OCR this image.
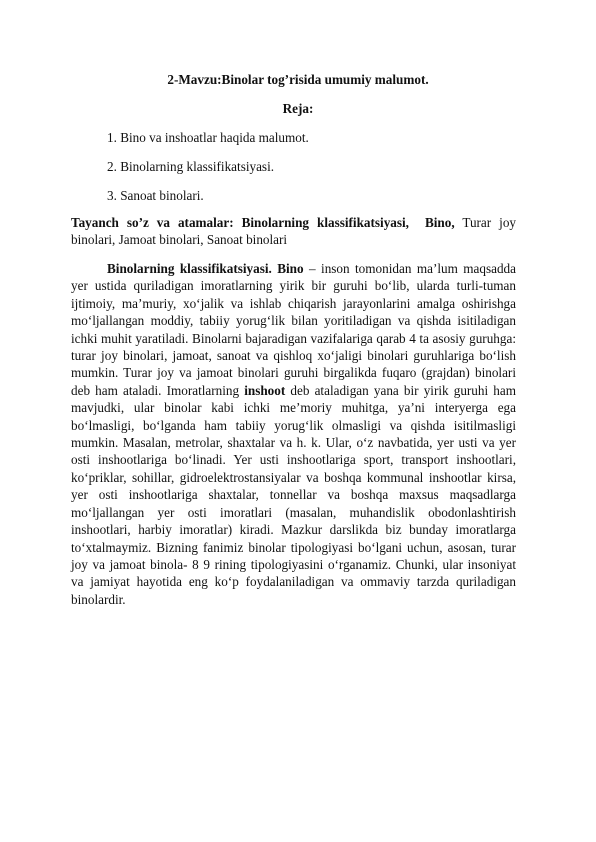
2-Mavzu:Binolar tog’risida umumiy malumot.
Reja:
1. Bino va inshoatlar haqida malumot.
2. Binolarning klassifikatsiyasi.
3. Sanoat binolari.

Tayanch so’z va atamalar: Binolarning klassifikatsiyasi, Bino, Turar joy binolari, Jamoat binolari, Sanoat binolari

Binolarning klassifikatsiyasi. Bino – inson tomonidan ma’lum maqsadda yer ustida quriladigan imoratlarning yirik bir guruhi bo‘lib, ularda turli-tuman ijtimoiy, ma’muriy, xo‘jalik va ishlab chiqarish jarayonlarini amalga oshirishga mo‘ljallangan moddiy, tabiiy yorug‘lik bilan yoritiladigan va qishda isitiladigan ichki muhit yaratiladi. Binolarni bajaradigan vazifalariga qarab 4 ta asosiy guruhga: turar joy binolari, jamoat, sanoat va qishloq xo‘jaligi binolari guruhlariga bo‘lish mumkin. Turar joy va jamoat binolari guruhi birgalikda fuqaro (grajdan) binolari deb ham ataladi. Imoratlarning inshoot deb ataladigan yana bir yirik guruhi ham mavjudki, ular binolar kabi ichki me’moriy muhitga, ya’ni interyerga ega bo‘lmasligi, bo‘lganda ham tabiiy yorug‘lik olmasligi va qishda isitilmasligi mumkin. Masalan, metrolar, shaxtalar va h. k. Ular, o‘z navbatida, yer usti va yer osti inshootlariga bo‘linadi. Yer usti inshootlariga sport, transport inshootlari, ko‘priklar, sohillar, gidroelektrostansiyalar va boshqa kommunal inshootlar kirsa, yer osti inshootlariga shaxtalar, tonnellar va boshqa maxsus maqsadlarga mo‘ljallangan yer osti imoratlari (masalan, muhandislik obodonlashtirish inshootlari, harbiy imoratlar) kiradi. Mazkur darslikda biz bunday imoratlarga to‘xtalmaymiz. Bizning fanimiz binolar tipologiyasi bo‘lgani uchun, asosan, turar joy va jamoat binola- 8 9 rining tipologiyasini o‘rganamiz. Chunki, ular insoniyat va jamiyat hayotida eng ko‘p foydalaniladigan va ommaviy tarzda quriladigan binolardir.
